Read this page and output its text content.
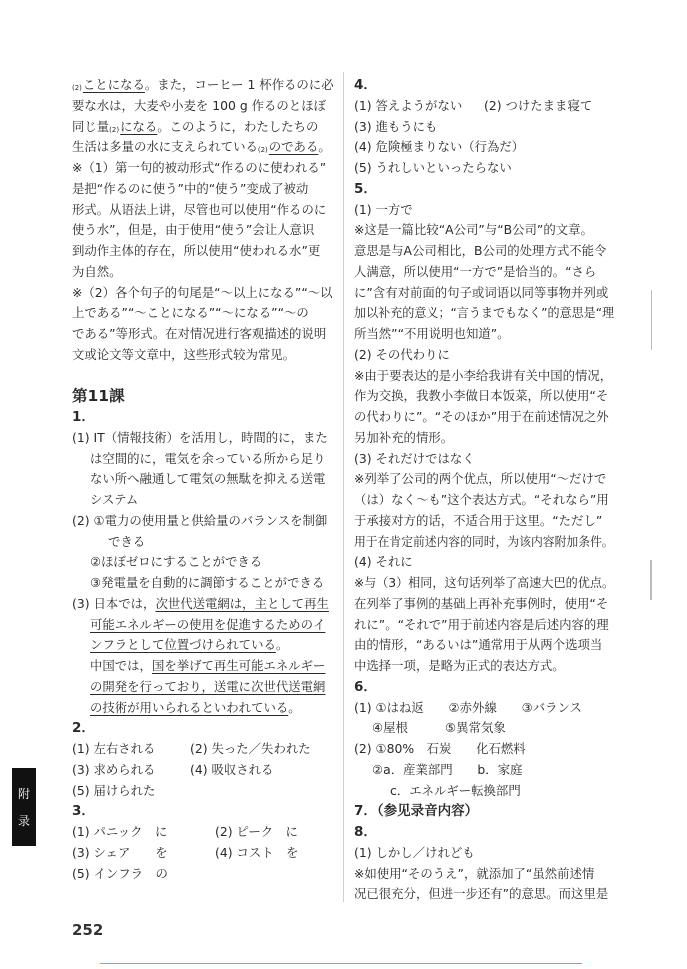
(2)ことになる。また，コーヒー 1 杯作るのに必
要な水は，大麦や小麦を 100 g 作るのとほぼ
同じ量(2)になる。このように，わたしたちの
生活は多量の水に支えられている(2)のである。
※（1）第一句的被动形式“作るのに使われる”
是把“作るのに使う”中的“使う”变成了被动
形式。从语法上讲，尽管也可以使用“作るのに
使う水”，但是，由于使用“使う”会让人意识
到动作主体的存在，所以使用“使われる水”更
为自然。
※（2）各个句子的句尾是“～以上になる”“～以
上である”“～ことになる”“～になる”“～の
である”等形式。在对情况进行客观描述的说明
文或论文等文章中，这些形式较为常见。
第11課
1．
(1) IT（情報技術）を活用し，時間的に，また
は空間的に，電気を余っている所から足り
ない所へ融通して電気の無駄を抑える送電
システム
(2) ①電力の使用量と供給量のバランスを制御
できる
②ほぼゼロにすることができる
③発電量を自動的に調節することができる
(3) 日本では，次世代送電網は，主として再生
可能エネルギーの使用を促進するためのイ
ンフラとして位置づけられている。
中国では，国を挙げて再生可能エネルギー
の開発を行っており，送電に次世代送電網
の技術が用いられるといわれている。
2．
(1) 左右される	(2) 失った／失われた
(3) 求められる	(4) 吸収される
(5) 届けられた
3．
(1) パニック　に	(2) ピーク　に
(3) シェア　　を	(4) コスト　を
(5) インフラ　の
4．
(1) 答えようがない (2) つけたまま寝て
(3) 進もうにも
(4) 危険極まりない（行為だ）
(5) うれしいといったらない
5．
(1) 一方で
※这是一篇比较“A公司”与“B公司”的文章。
意思是与A公司相比，B公司的处理方式不能令
人满意，所以使用“一方で”是恰当的。“さら
に”含有对前面的句子或词语以同等事物并列或
加以补充的意义；“言うまでもなく”的意思是“理
所当然”“不用说明也知道”。
(2) その代わりに
※由于要表达的是小李给我讲有关中国的情况，
作为交换，我教小李做日本饭菜，所以使用“そ
の代わりに”。“そのほか”用于在前述情况之外
另加补充的情形。
(3) それだけではなく
※列举了公司的两个优点，所以使用“～だけで
（は）なく～も”这个表达方式。“それなら”用
于承接对方的话，不适合用于这里。“ただし”
用于在肯定前述内容的同时，为该内容附加条件。
(4) それに
※与（3）相同，这句话列举了高速大巴的优点。
在列举了事例的基础上再补充事例时，使用“そ
れに”。“それで”用于前述内容是后述内容的理
由的情形，“あるいは”通常用于从两个选项当
中选择一项，是略为正式的表达方式。
6．
(1) ①はね返　　②赤外線　　③バランス
④屋根　　　⑤異常気象
(2) ①80%　石炭　　化石燃料
②a．産業部門　　b．家庭
c．エネルギー転換部門
7．（参见录音内容）
8．
(1) しかし／けれども
※如使用“そのうえ”，就添加了“虽然前述情
况已很充分，但进一步还有”的意思。而这里是
附
录
252
